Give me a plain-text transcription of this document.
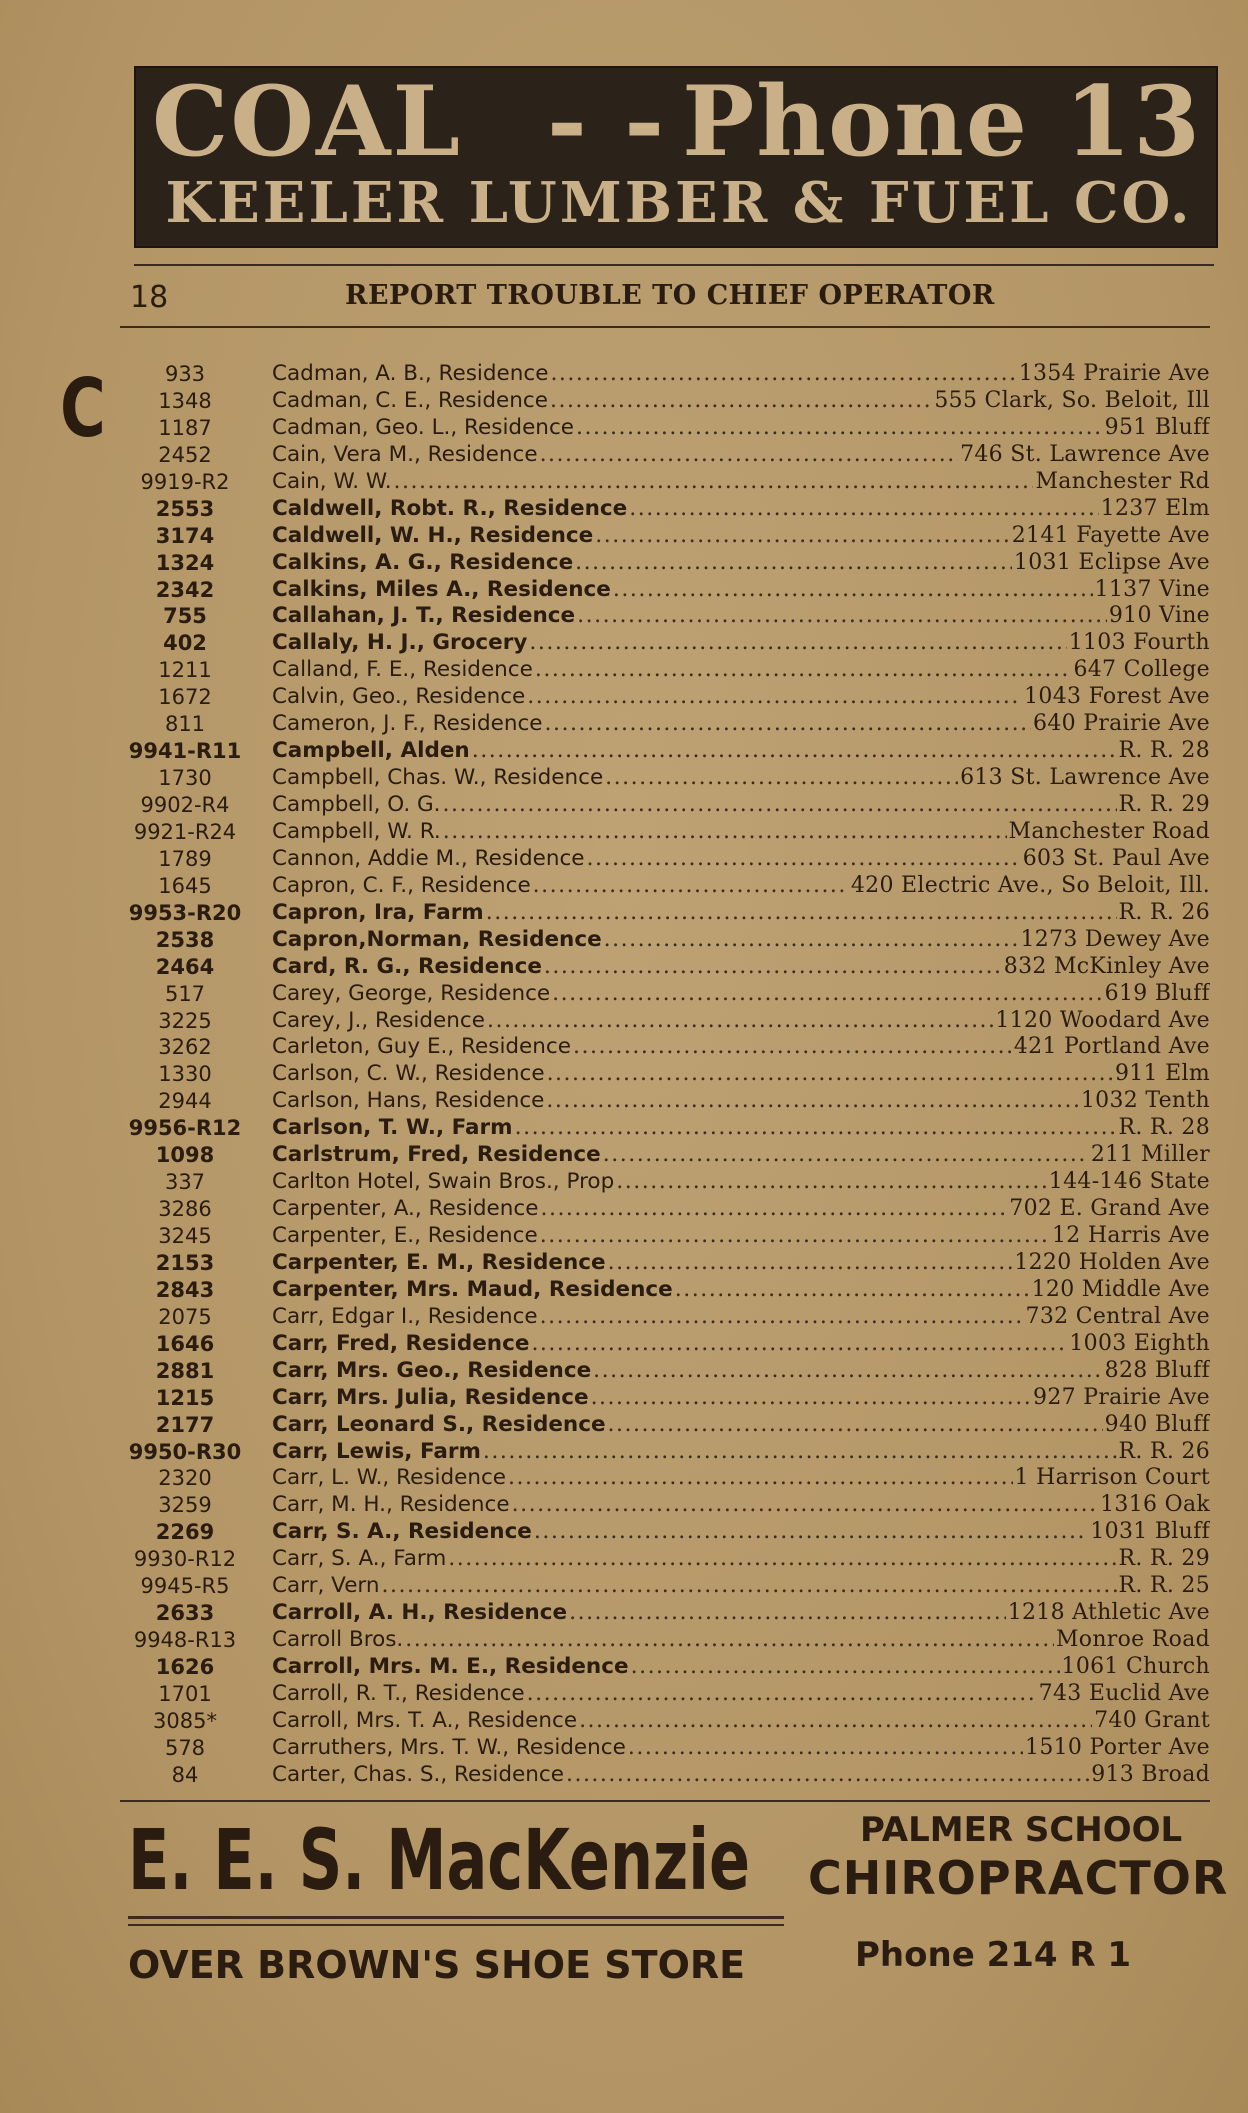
COAL - - Phone 13
KEELER LUMBER & FUEL CO.
18	REPORT TROUBLE TO CHIEF OPERATOR
C	933	Cadman, A. B., Residence .....	1354 Prairie Ave
1348	Cadman, C. E., Residence .....	555 Clark, So. Beloit, Ill
1187	Cadman, Geo. L., Residence .....	951 Bluff
2452	Cain, Vera M., Residence .....	746 St. Lawrence Ave
9919-R2	Cain, W. W. .....	Manchester Rd
2553	Caldwell, Robt. R., Residence .....	1237 Elm
3174	Caldwell, W. H., Residence .....	2141 Fayette Ave
1324	Calkins, A. G., Residence .....	1031 Eclipse Ave
2342	Calkins, Miles A., Residence .....	1137 Vine
755	Callahan, J. T., Residence .....	910 Vine
402	Callaly, H. J., Grocery .....	1103 Fourth
1211	Calland, F. E., Residence .....	647 College
1672	Calvin, Geo., Residence .....	1043 Forest Ave
811	Cameron, J. F., Residence .....	640 Prairie Ave
9941-R11	Campbell, Alden .....	R. R. 28
1730	Campbell, Chas. W., Residence .....	613 St. Lawrence Ave
9902-R4	Campbell, O. G. .....	R. R. 29
9921-R24	Campbell, W. R. .....	Manchester Road
1789	Cannon, Addie M., Residence .....	603 St. Paul Ave
1645	Capron, C. F., Residence .....	420 Electric Ave., So Beloit, Ill.
9953-R20	Capron, Ira, Farm .....	R. R. 26
2538	Capron,Norman, Residence .....	1273 Dewey Ave
2464	Card, R. G., Residence .....	832 McKinley Ave
517	Carey, George, Residence .....	619 Bluff
3225	Carey, J., Residence .....	1120 Woodard Ave
3262	Carleton, Guy E., Residence .....	421 Portland Ave
1330	Carlson, C. W., Residence .....	911 Elm
2944	Carlson, Hans, Residence .....	1032 Tenth
9956-R12	Carlson, T. W., Farm .....	R. R. 28
1098	Carlstrum, Fred, Residence .....	211 Miller
337	Carlton Hotel, Swain Bros., Prop .....	144-146 State
3286	Carpenter, A., Residence .....	702 E. Grand Ave
3245	Carpenter, E., Residence .....	12 Harris Ave
2153	Carpenter, E. M., Residence .....	1220 Holden Ave
2843	Carpenter, Mrs. Maud, Residence .....	120 Middle Ave
2075	Carr, Edgar I., Residence .....	732 Central Ave
1646	Carr, Fred, Residence .....	1003 Eighth
2881	Carr, Mrs. Geo., Residence .....	828 Bluff
1215	Carr, Mrs. Julia, Residence .....	927 Prairie Ave
2177	Carr, Leonard S., Residence .....	940 Bluff
9950-R30	Carr, Lewis, Farm .....	R. R. 26
2320	Carr, L. W., Residence .....	1 Harrison Court
3259	Carr, M. H., Residence .....	1316 Oak
2269	Carr, S. A., Residence .....	1031 Bluff
9930-R12	Carr, S. A., Farm .....	R. R. 29
9945-R5	Carr, Vern .....	R. R. 25
2633	Carroll, A. H., Residence .....	1218 Athletic Ave
9948-R13	Carroll Bros. .....	Monroe Road
1626	Carroll, Mrs. M. E., Residence .....	1061 Church
1701	Carroll, R. T., Residence .....	743 Euclid Ave
3085*	Carroll, Mrs. T. A., Residence .....	740 Grant
578	Carruthers, Mrs. T. W., Residence .....	1510 Porter Ave
84	Carter, Chas. S., Residence .....	913 Broad
E. E. S. MacKenzie	PALMER SCHOOL
CHIROPRACTOR
OVER BROWN'S SHOE STORE	Phone 214 R 1
